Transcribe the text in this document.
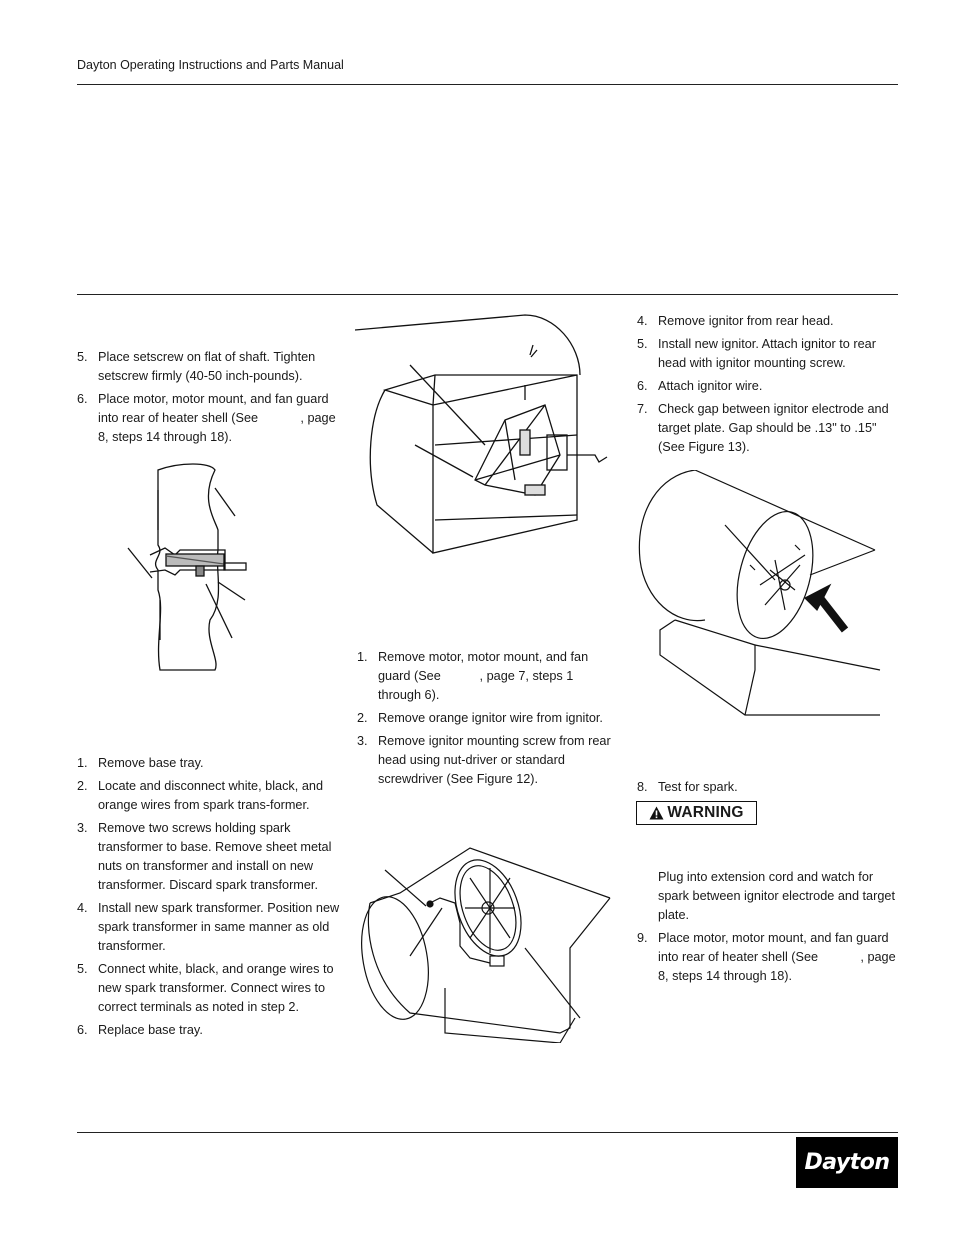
Dayton Operating Instructions and Parts Manual
5. Place setscrew on flat of shaft. Tighten setscrew firmly (40-50 inch-pounds).
6. Place motor, motor mount, and fan guard into rear of heater shell (See            , page 8, steps 14 through 18).
1. Remove base tray.
2. Locate and disconnect white, black, and orange wires from spark trans-former.
3. Remove two screws holding spark transformer to base. Remove sheet metal nuts on transformer and install on new transformer. Discard spark transformer.
4. Install new spark transformer. Position new spark transformer in same manner as old transformer.
5. Connect white, black, and orange wires to new spark transformer. Connect wires to correct terminals as noted in step 2.
6. Replace base tray.
1. Remove motor, motor mount, and fan guard (See           , page 7, steps 1 through 6).
2. Remove orange ignitor wire from ignitor.
3. Remove ignitor mounting screw from rear head using nut-driver or standard screwdriver (See Figure 12).
4. Remove ignitor from rear head.
5. Install new ignitor. Attach ignitor to rear head with ignitor mounting screw.
6. Attach ignitor wire.
7. Check gap between ignitor electrode and target plate. Gap should be .13" to .15" (See Figure 13).
8. Test for spark.
WARNING
Plug into extension cord and watch for spark between ignitor electrode and target plate.
9. Place motor, motor mount, and fan guard into rear of heater shell (See            , page 8, steps 14 through 18).
Dayton
